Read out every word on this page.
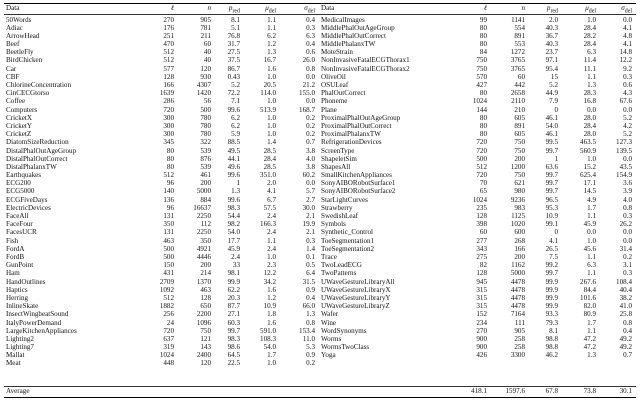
Data	ℓ	n	$p_{red}$	$\mu_{del}$	$\sigma_{del}$ Data	ℓ	n	$p_{red}$	$\mu_{del}$	$\sigma_{del}$
50Words	270	905	8.1	1.1	0.4 MedicalImages	99	1141	2.0	1.0	0.0
Adiac	176	781	5.1	1.1	0.3 MiddlePhalOutAgeGroup	80	554	40.3	28.4	4.1
ArrowHead	251	211	76.8	6.2	6.3 MiddlePhalOutCorrect	80	891	36.7	28.2	4.8
Beef	470	60	31.7	1.2	0.4 MiddlePhalanxTW	80	553	40.3	28.4	4.1
BeetleFly	512	40	27.5	1.3	0.6 MoteStrain	84	1272	23.7	6.3	14.8
BirdChicken	512	40	37.5	16.7	26.0 NonInvasiveFatalECGThorax1	750	3765	97.1	11.4	12.2
Car	577	120	86.7	1.6	0.8 NonInvasiveFatalECGThorax2	750	3765	95.4	11.1	9.2
CBF	128	930	0.43	1.0	0.0 OliveOil	570	60	15	1.1	0.3
ChlorineConcentration	166	4307	5.2	20.5	21.2 OSULeaf	427	442	5.2	1.3	0.6
CinCECGtorso	1639	1420	72.2	114.0	155.0 PhalOutCorrect	80	2658	44.9	28.3	4.3
Coffee	286	56	7.1	1.0	0.0 Phoneme	1024	2110	7.9	16.8	67.6
Computers	720	500	99.6	513.9	168.7 Plane	144	210	0	0.0	0.0
CricketX	300	780	6.2	1.0	0.2 ProximalPhalOutAgeGroup	80	605	46.1	28.0	5.2
CricketY	300	780	6.2	1.0	0.2 ProximalPhalOutCorrect	80	891	54.0	28.4	4.2
CricketZ	300	780	5.9	1.0	0.2 ProximalPhalanxTW	80	605	46.1	28.0	5.2
DiatomSizeReduction	345	322	88.5	1.4	0.7 RefrigerationDevices	720	750	99.5	463.5	127.3
DistalPhalOutAgeGroup	80	539	49.5	28.5	3.8 ScreenType	720	750	99.7	560.9	139.5
DistalPhalOutCorrect	80	876	44.1	28.4	4.0 ShapeletSim	500	200	1	1.0	0.0
DistalPhalanxTW	80	539	49.6	28.5	3.8 ShapesAll	512	1200	63.6	15.2	43.5
Earthquakes	512	461	99.6	351.0	60.2 SmallKitchenAppliances	720	750	99.7	625.4	154.9
ECG200	96	200	1	2.0	0.0 SonyAIBORobotSurface1	70	621	99.7	17.1	3.6
ECG5000	140	5000	1.3	4.1	5.7 SonyAIBORobotSurface2	65	980	99.7	14.5	3.9
ECGFiveDays	136	884	99.6	6.7	2.7 StarLightCurves	1024	9236	96.5	4.9	4.0
ElectricDevices	96	16637	98.3	57.5	30.0 Strawberry	235	983	95.3	1.7	0.8
FaceAll	131	2250	54.4	2.4	2.1 SwedishLeaf	128	1125	10.9	1.1	0.3
FaceFour	350	112	98.2	166.3	19.9 Symbols	398	1020	99.1	45.9	26.2
FacesUCR	131	2250	54.0	2.4	2.1 Synthetic_Control	60	600	0	0.0	0.0
Fish	463	350	17.7	1.1	0.3 ToeSegmentation1	277	268	4.1	1.0	0.0
FordA	500	4921	45.9	2.4	1.4 ToeSegmentation2	343	166	26.5	45.6	31.4
FordB	500	4446	2.4	1.0	0.1 Trace	275	200	7.5	1.1	0.2
GunPoint	150	200	33	2.3	0.5 TwoLeadECG	82	1162	99.2	6.3	3.1
Ham	431	214	98.1	12.2	6.4 TwoPatterns	128	5000	99.7	1.1	0.3
HandOutlines	2709	1370	99.9	34.2	31.5 UWaveGestureLibraryAll	945	4478	99.9	267.6	108.4
Haptics	1092	463	62.2	1.6	0.9 UWaveGestureLibraryX	315	4478	99.9	84.4	40.4
Herring	512	128	20.3	1.2	0.4 UWaveGestureLibraryY	315	4478	99.9	101.6	38.2
InlineSkate	1882	650	87.7	10.9	66.0 UWaveGestureLibraryZ	315	4478	99.9	82.0	41.0
InsectWingbeatSound	256	2200	27.1	1.8	1.3 Wafer	152	7164	93.3	80.9	25.8
ItalyPowerDemand	24	1096	60.3	1.6	0.8 Wine	234	111	79.3	1.7	0.8
LargeKitchenAppliances	720	750	99.7	591.0	153.4 WordSynonyms	270	905	8.1	1.1	0.4
Lighting2	637	121	98.3	108.3	11.0 Worms	900	258	98.8	47.2	49.2
Lighting7	319	143	98.6	54.0	5.3 WormsTwoClass	900	258	98.8	47.2	49.2
Mallat	1024	2400	64.5	1.7	0.9 Yoga	426	3300	46.2	1.3	0.7
Meat	448	120	22.5	1.0	0.2
Average	418.1	1597.6	67.8	73.8	30.1
